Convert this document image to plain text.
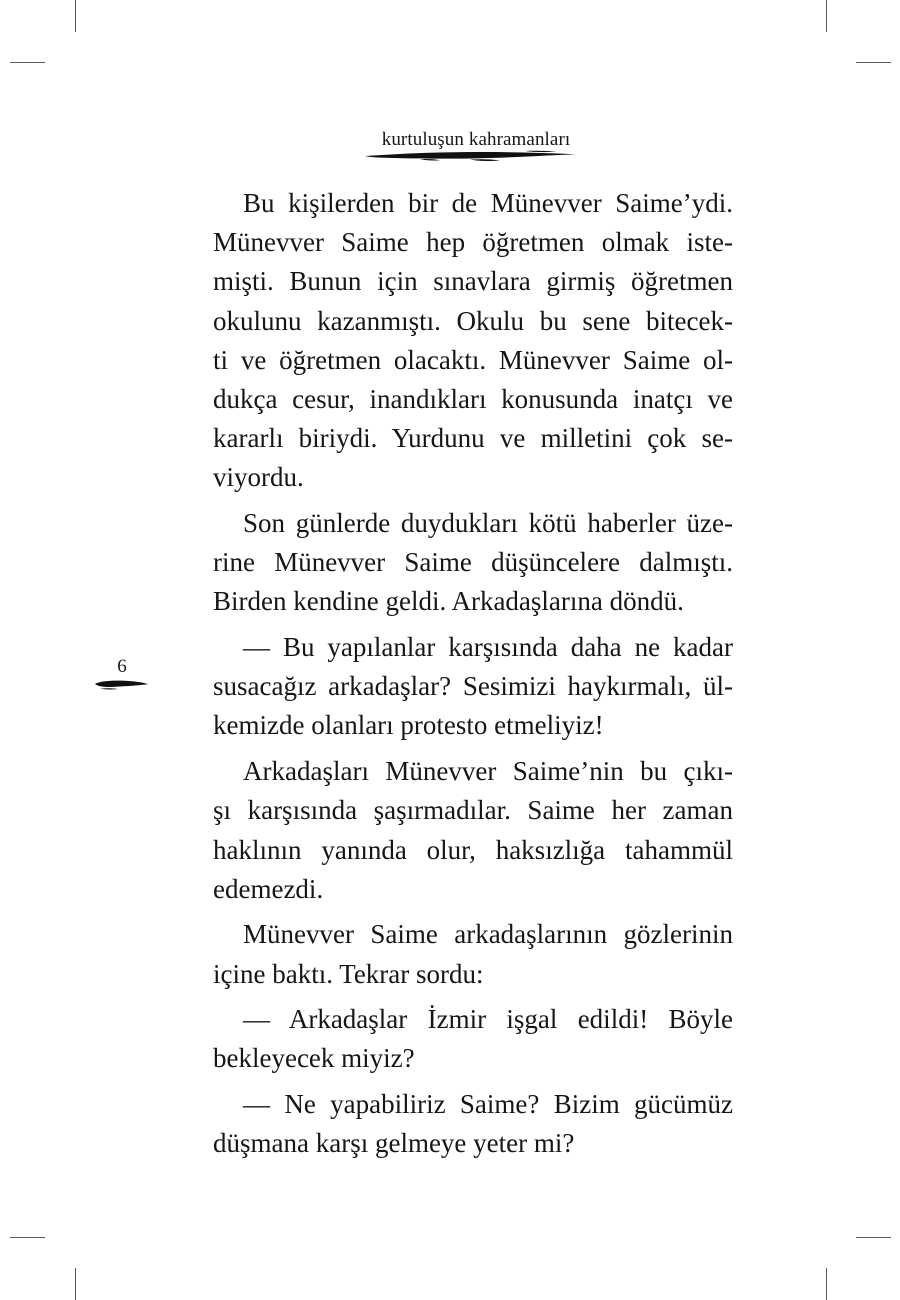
kurtuluşun kahramanları
6
Bu kişilerden bir de Münevver Saime’ydi.
Münevver Saime hep öğretmen olmak iste-
mişti. Bunun için sınavlara girmiş öğretmen
okulunu kazanmıştı. Okulu bu sene bitecek-
ti ve öğretmen olacaktı. Münevver Saime ol-
dukça cesur, inandıkları konusunda inatçı ve
kararlı biriydi. Yurdunu ve milletini çok se-
viyordu.
Son günlerde duydukları kötü haberler üze-
rine Münevver Saime düşüncelere dalmıştı.
Birden kendine geldi. Arkadaşlarına döndü.
— Bu yapılanlar karşısında daha ne kadar
susacağız arkadaşlar? Sesimizi haykırmalı, ül-
kemizde olanları protesto etmeliyiz!
Arkadaşları Münevver Saime’nin bu çıkı-
şı karşısında şaşırmadılar. Saime her zaman
haklının yanında olur, haksızlığa tahammül
edemezdi.
Münevver Saime arkadaşlarının gözlerinin
içine baktı. Tekrar sordu:
— Arkadaşlar İzmir işgal edildi! Böyle
bekleyecek miyiz?
— Ne yapabiliriz Saime? Bizim gücümüz
düşmana karşı gelmeye yeter mi?
